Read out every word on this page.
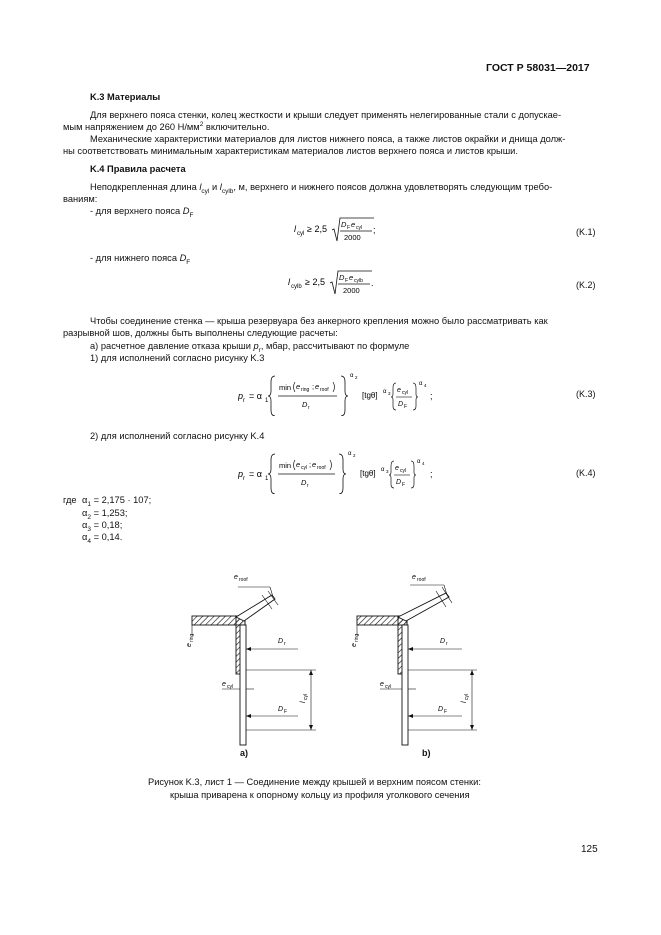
ГОСТ Р 58031—2017
K.3 Материалы
Для верхнего пояса стенки, колец жесткости и крыши следует применять нелегированные стали с допускае-
мым напряжением до 260 $Н/мм^2$ включительно.
Механические характеристики материалов для листов нижнего пояса, а также листов окрайки и днища долж-
ны соответствовать минимальным характеристикам материалов листов верхнего пояса и листов крыши.
K.4 Правила расчета
Неподкрепленная длина $l_{cyl}$ и $l_{cylb}$, м, верхнего и нижнего поясов должна удовлетворять следующим требо-
ваниям:
- для верхнего пояса $D_F$
l cyl ≥ 2,5 D F e cyl
2000
;	(K.1)
- для нижнего пояса $D_F$
l cylb ≥ 2,5 D F e cylb
2000
.	(K.2)
Чтобы соединение стенка — крыша резервуара без анкерного крепления можно было рассматривать как
разрывной шов, должны быть выполнены следующие расчеты:
а) расчетное давление отказа крыши $p_r$, мбар, рассчитывают по формуле
1) для исполнений согласно рисунку K.3
p r = α 1
min e ring ; e roof
D r
α 2
[tgθ] α 3 e cyl
D F
α 4
;	(K.3)
2) для исполнений согласно рисунку K.4
p r = α 1
min e cyl ; e roof
D r
α 2
[tgθ] α 3 e cyl
D F
α 4
;	(K.4)
где $\alpha_1 = 2,175 \cdot 107$;
$\alpha_2 = 1,253$;
$\alpha_3 = 0,18$;
$\alpha_4 = 0,14$.
e roof
e
ring
e cyl
D r
D F
l
cyl
e roof
e
ring
e cyl
D r
D F
l
cyl
a)	b)
Рисунок K.3, лист 1 — Соединение между крышей и верхним поясом стенки:
крыша приварена к опорному кольцу из профиля уголкового сечения
125
